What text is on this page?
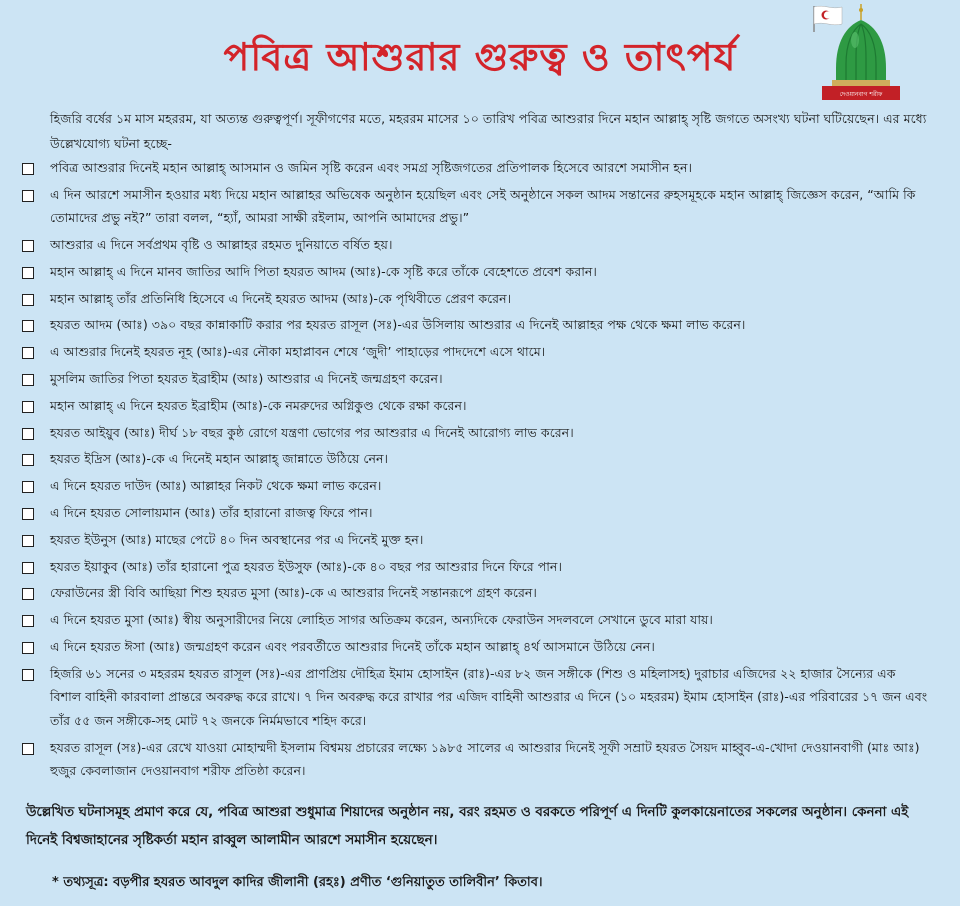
পবিত্র আশুরার গুরুত্ব ও তাৎপর্য
দেওয়ানবাগ শরীফ
হিজরি বর্ষের ১ম মাস মহররম, যা অত্যন্ত গুরুত্বপূর্ণ। সূফীগণের মতে, মহররম মাসের ১০ তারিখ পবিত্র আশুরার দিনে মহান আল্লাহ্ সৃষ্টি জগতে অসংখ্য ঘটনা ঘটিয়েছেন। এর মধ্যে উল্লেখযোগ্য ঘটনা হচ্ছে-
পবিত্র আশুরার দিনেই মহান আল্লাহ্ আসমান ও জমিন সৃষ্টি করেন এবং সমগ্র সৃষ্টিজগতের প্রতিপালক হিসেবে আরশে সমাসীন হন।
এ দিন আরশে সমাসীন হওয়ার মধ্য দিয়ে মহান আল্লাহর অভিষেক অনুষ্ঠান হয়েছিল এবং সেই অনুষ্ঠানে সকল আদম সন্তানের রুহসমূহকে মহান আল্লাহ্ জিজ্ঞেস করেন, “আমি কি তোমাদের প্রভু নই?” তারা বলল, “হ্যাঁ, আমরা সাক্ষী রইলাম, আপনি আমাদের প্রভু।”
আশুরার এ দিনে সর্বপ্রথম বৃষ্টি ও আল্লাহর রহমত দুনিয়াতে বর্ষিত হয়।
মহান আল্লাহ্ এ দিনে মানব জাতির আদি পিতা হযরত আদম (আঃ)-কে সৃষ্টি করে তাঁকে বেহেশতে প্রবেশ করান।
মহান আল্লাহ্ তাঁর প্রতিনিধি হিসেবে এ দিনেই হযরত আদম (আঃ)-কে পৃথিবীতে প্রেরণ করেন।
হযরত আদম (আঃ) ৩৯০ বছর কান্নাকাটি করার পর হযরত রাসূল (সঃ)-এর উসিলায় আশুরার এ দিনেই আল্লাহর পক্ষ থেকে ক্ষমা লাভ করেন।
এ আশুরার দিনেই হযরত নূহ (আঃ)-এর নৌকা মহাপ্লাবন শেষে ‘জুদী’ পাহাড়ের পাদদেশে এসে থামে।
মুসলিম জাতির পিতা হযরত ইব্রাহীম (আঃ) আশুরার এ দিনেই জন্মগ্রহণ করেন।
মহান আল্লাহ্ এ দিনে হযরত ইব্রাহীম (আঃ)-কে নমরুদের অগ্নিকুণ্ড থেকে রক্ষা করেন।
হযরত আইয়ুব (আঃ) দীর্ঘ ১৮ বছর কুষ্ঠ রোগে যন্ত্রণা ভোগের পর আশুরার এ দিনেই আরোগ্য লাভ করেন।
হযরত ইদ্রিস (আঃ)-কে এ দিনেই মহান আল্লাহ্ জান্নাতে উঠিয়ে নেন।
এ দিনে হযরত দাউদ (আঃ) আল্লাহর নিকট থেকে ক্ষমা লাভ করেন।
এ দিনে হযরত সোলায়মান (আঃ) তাঁর হারানো রাজত্ব ফিরে পান।
হযরত ইউনুস (আঃ) মাছের পেটে ৪০ দিন অবস্থানের পর এ দিনেই মুক্ত হন।
হযরত ইয়াকুব (আঃ) তাঁর হারানো পুত্র হযরত ইউসুফ (আঃ)-কে ৪০ বছর পর আশুরার দিনে ফিরে পান।
ফেরাউনের স্ত্রী বিবি আছিয়া শিশু হযরত মুসা (আঃ)-কে এ আশুরার দিনেই সন্তানরূপে গ্রহণ করেন।
এ দিনে হযরত মুসা (আঃ) স্বীয় অনুসারীদের নিয়ে লোহিত সাগর অতিক্রম করেন, অন্যদিকে ফেরাউন সদলবলে সেখানে ডুবে মারা যায়।
এ দিনে হযরত ঈসা (আঃ) জন্মগ্রহণ করেন এবং পরবর্তীতে আশুরার দিনেই তাঁকে মহান আল্লাহ্ ৪র্থ আসমানে উঠিয়ে নেন।
হিজরি ৬১ সনের ৩ মহররম হযরত রাসূল (সঃ)-এর প্রাণপ্রিয় দৌহিত্র ইমাম হোসাইন (রাঃ)-এর ৮২ জন সঙ্গীকে (শিশু ও মহিলাসহ) দুরাচার এজিদের ২২ হাজার সৈন্যের এক বিশাল বাহিনী কারবালা প্রান্তরে অবরুদ্ধ করে রাখে। ৭ দিন অবরুদ্ধ করে রাখার পর এজিদ বাহিনী আশুরার এ দিনে (১০ মহররম) ইমাম হোসাইন (রাঃ)-এর পরিবারের ১৭ জন এবং তাঁর ৫৫ জন সঙ্গীকে-সহ মোট ৭২ জনকে নির্মমভাবে শহিদ করে।
হযরত রাসূল (সঃ)-এর রেখে যাওয়া মোহাম্মদী ইসলাম বিশ্বময় প্রচারের লক্ষ্যে ১৯৮৫ সালের এ আশুরার দিনেই সূফী সম্রাট হযরত সৈয়দ মাহ্বুব-এ-খোদা দেওয়ানবাগী (মাঃ আঃ) হুজুর কেবলাজান দেওয়ানবাগ শরীফ প্রতিষ্ঠা করেন।
উল্লেখিত ঘটনাসমূহ প্রমাণ করে যে, পবিত্র আশুরা শুধুমাত্র শিয়াদের অনুষ্ঠান নয়, বরং রহমত ও বরকতে পরিপূর্ণ এ দিনটি কুলকায়েনাতের সকলের অনুষ্ঠান। কেননা এই দিনেই বিশ্বজাহানের সৃষ্টিকর্তা মহান রাব্বুল আলামীন আরশে সমাসীন হয়েছেন।
* তথ্যসূত্র: বড়পীর হযরত আবদুল কাদির জীলানী (রহঃ) প্রণীত ‘গুনিয়াতুত তালিবীন’ কিতাব।
